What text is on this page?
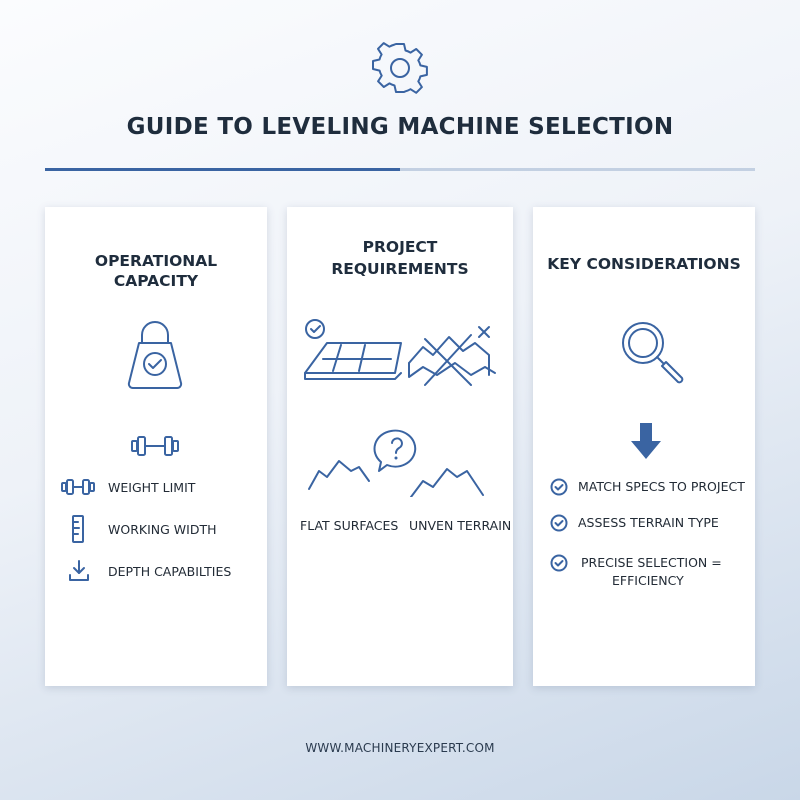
GUIDE TO LEVELING MACHINE SELECTION
OPERATIONAL
CAPACITY
WEIGHT LIMIT
WORKING WIDTH
DEPTH CAPABILTIES
PROJECT
REQUIREMENTS
FLAT SURFACES UNVEN TERRAIN
KEY CONSIDERATIONS
MATCH SPECS TO PROJECT
ASSESS TERRAIN TYPE
PRECISE SELECTION =
EFFICIENCY
WWW.MACHINERYEXPERT.COM
